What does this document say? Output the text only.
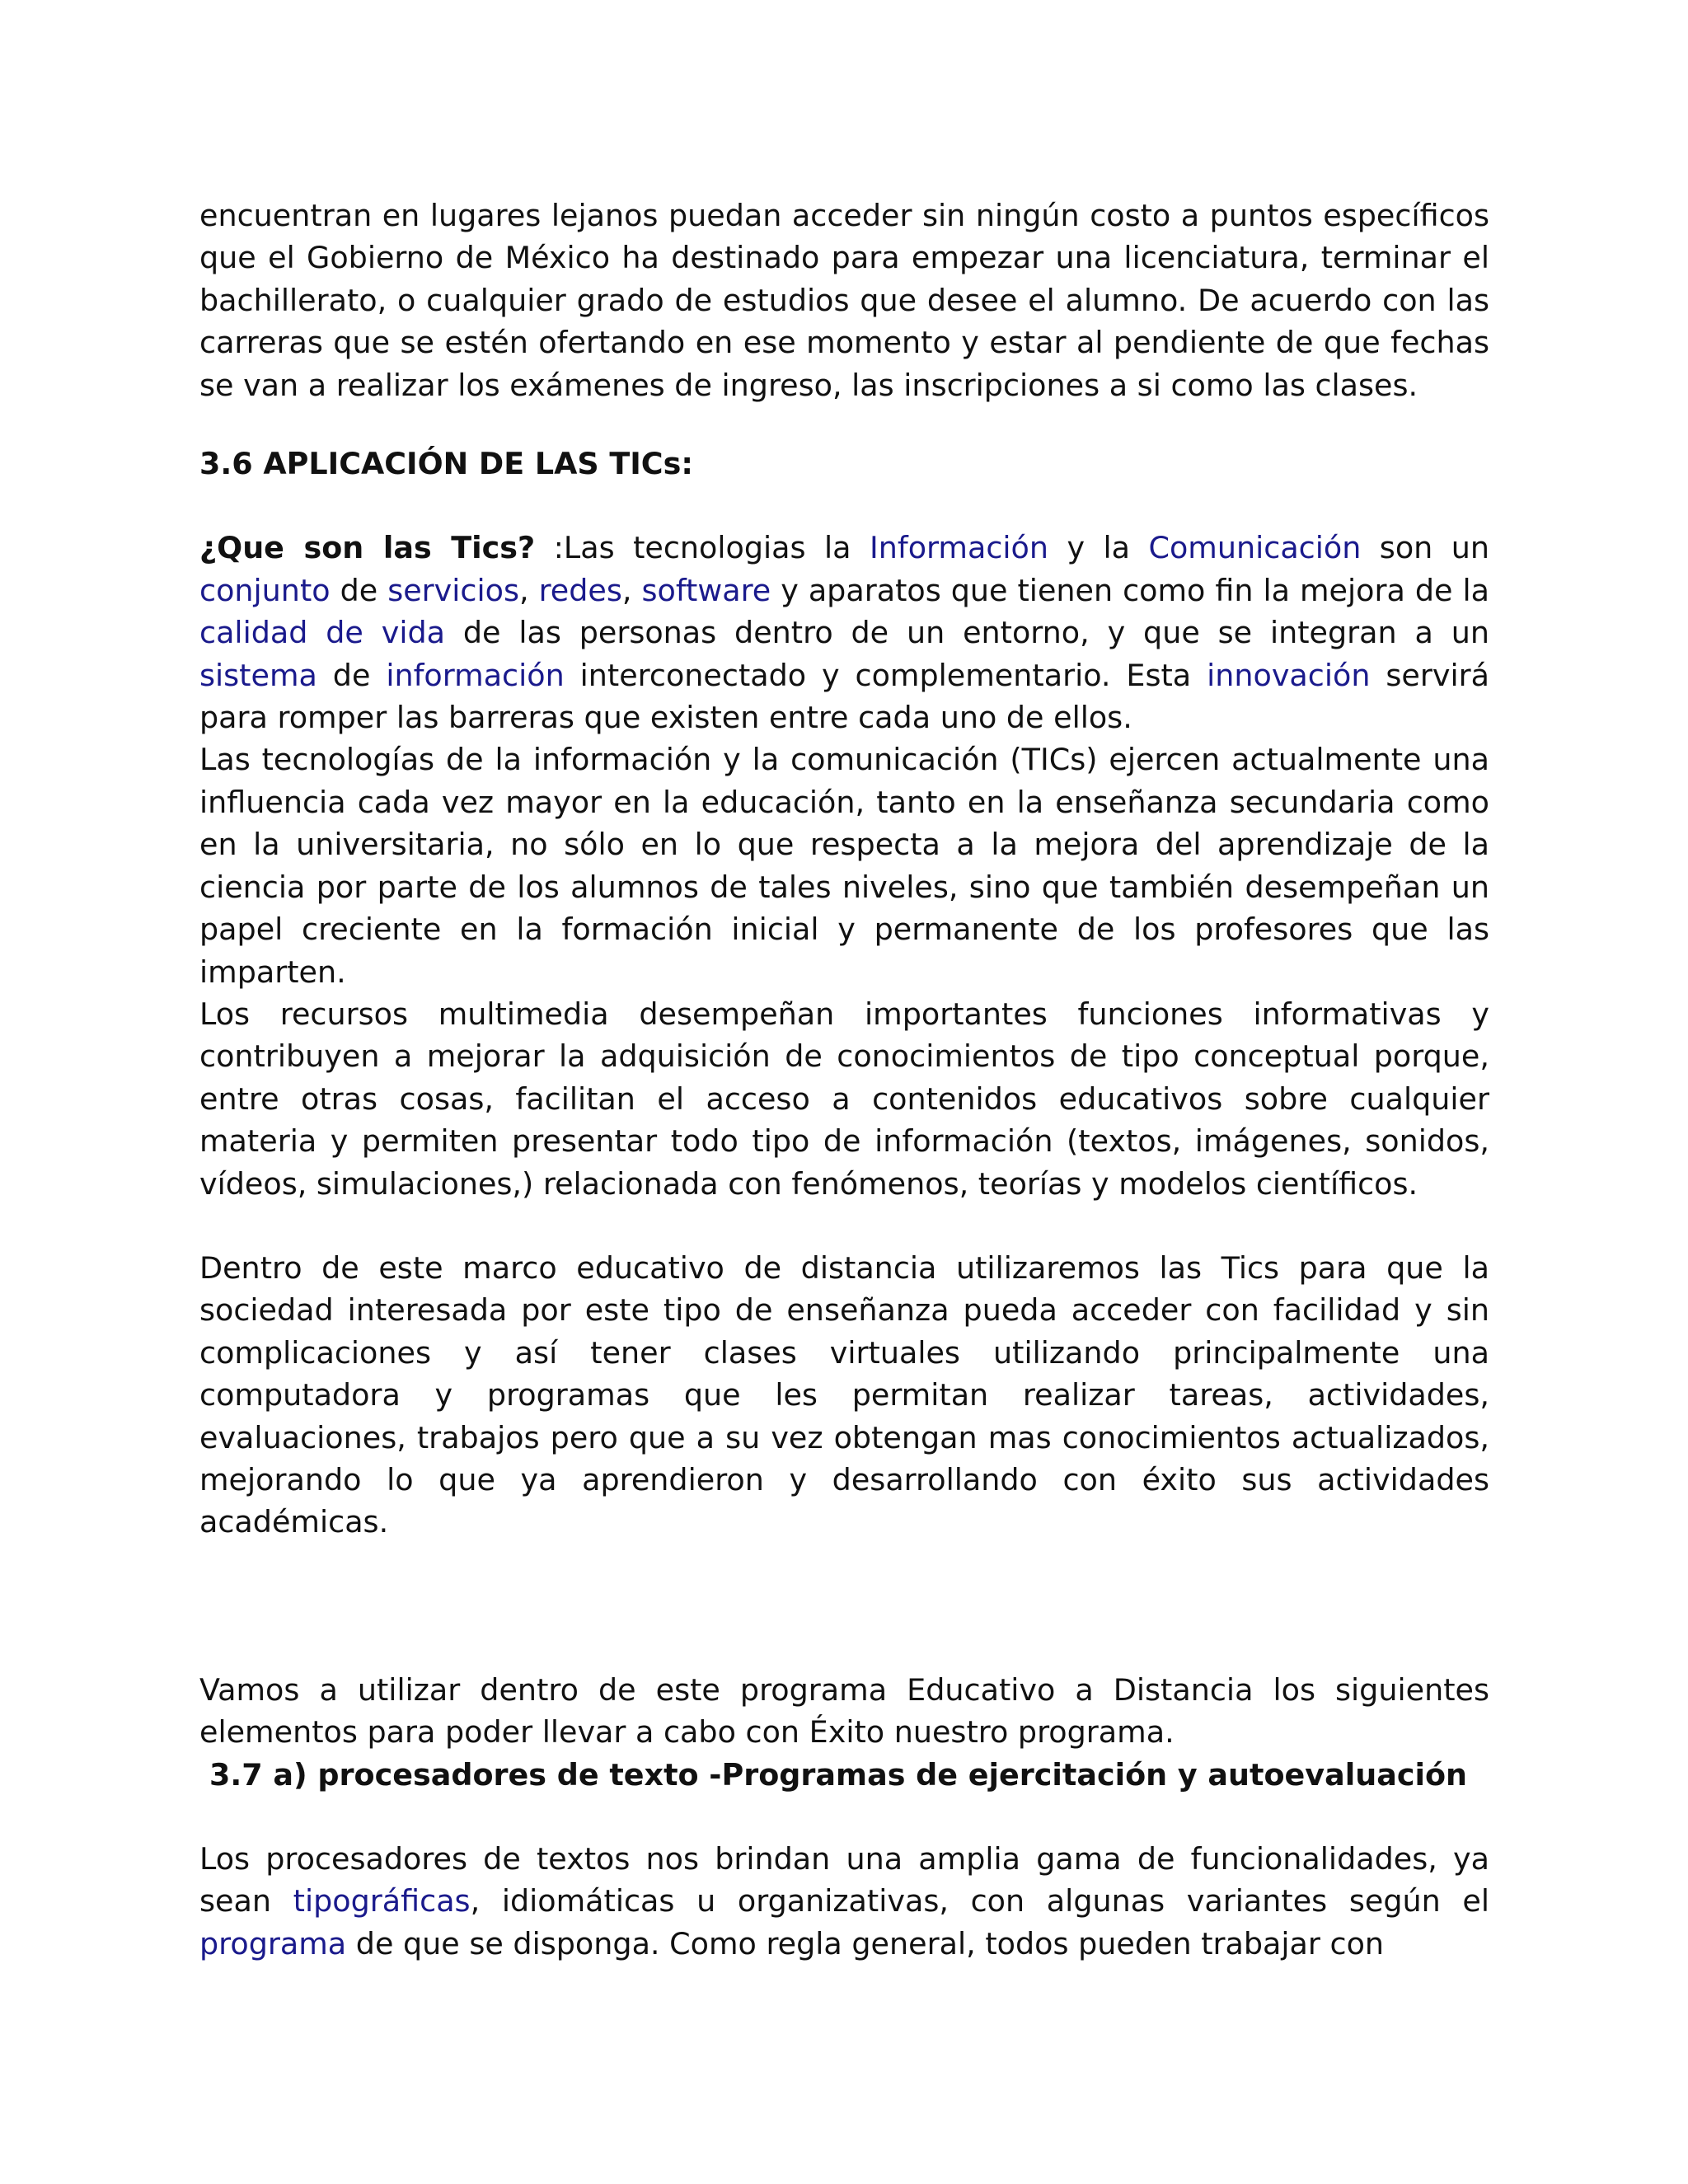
encuentran en lugares lejanos puedan acceder sin ningún costo a puntos específicos que el Gobierno de México ha destinado para empezar una licenciatura, terminar el bachillerato, o cualquier grado de estudios que desee el alumno. De acuerdo con las carreras que se estén ofertando en ese momento y estar al pendiente de que fechas se van a realizar los exámenes de ingreso, las inscripciones a si como las clases.

3.6 APLICACIÓN DE LAS TICs:

¿Que son las Tics? :Las tecnologias la Información y la Comunicación son un conjunto de servicios, redes, software y aparatos que tienen como fin la mejora de la calidad de vida de las personas dentro de un entorno, y que se integran a un sistema de información interconectado y complementario. Esta innovación servirá para romper las barreras que existen entre cada uno de ellos.

Las tecnologías de la información y la comunicación (TICs) ejercen actualmente una influencia cada vez mayor en la educación, tanto en la enseñanza secundaria como en la universitaria, no sólo en lo que respecta a la mejora del aprendizaje de la ciencia por parte de los alumnos de tales niveles, sino que también desempeñan un papel creciente en la formación inicial y permanente de los profesores que las imparten.

Los recursos multimedia desempeñan importantes funciones informativas y contribuyen a mejorar la adquisición de conocimientos de tipo conceptual porque, entre otras cosas, facilitan el acceso a contenidos educativos sobre cualquier materia y permiten presentar todo tipo de información (textos, imágenes, sonidos, vídeos, simulaciones,) relacionada con fenómenos, teorías y modelos científicos.

Dentro de este marco educativo de distancia utilizaremos las Tics para que la sociedad interesada por este tipo de enseñanza pueda acceder con facilidad y sin complicaciones y así tener clases virtuales utilizando principalmente una computadora y programas que les permitan realizar tareas, actividades, evaluaciones, trabajos pero que a su vez obtengan mas conocimientos actualizados, mejorando lo que ya aprendieron y desarrollando con éxito sus actividades académicas.

Vamos a utilizar dentro de este programa Educativo a Distancia los siguientes elementos para poder llevar a cabo con Éxito nuestro programa.

3.7 a) procesadores de texto -Programas de ejercitación y autoevaluación

Los procesadores de textos nos brindan una amplia gama de funcionalidades, ya sean tipográficas, idiomáticas u organizativas, con algunas variantes según el programa de que se disponga. Como regla general, todos pueden trabajar con
